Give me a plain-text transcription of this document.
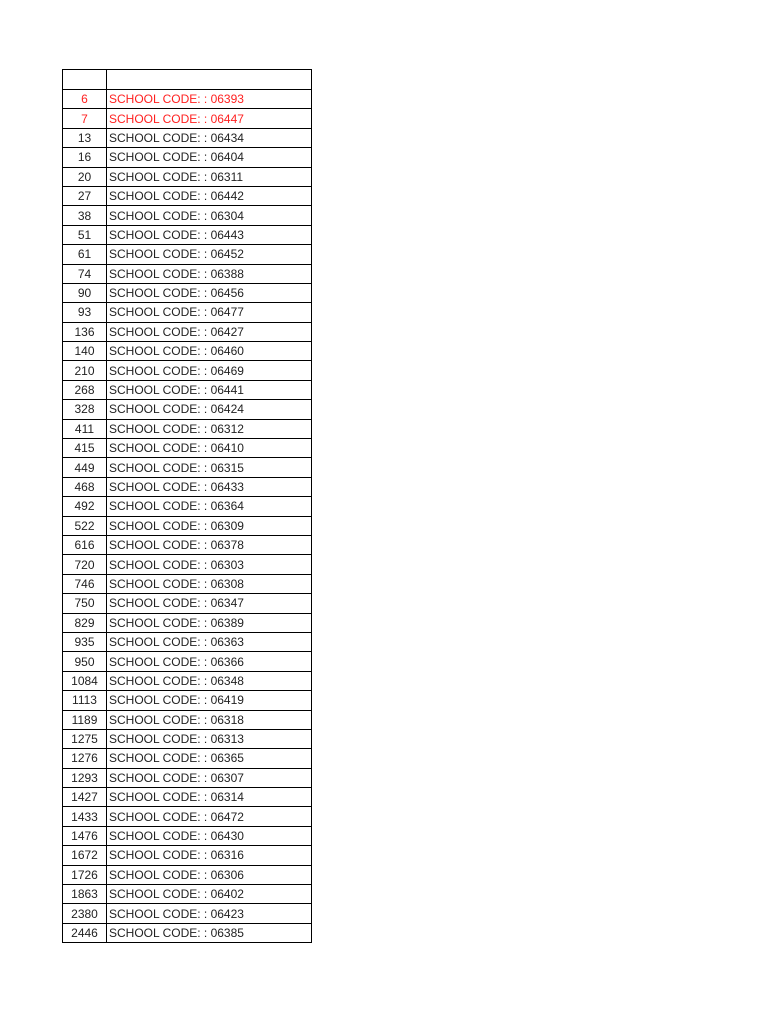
6	SCHOOL CODE: : 06393
7	SCHOOL CODE: : 06447
13	SCHOOL CODE: : 06434
16	SCHOOL CODE: : 06404
20	SCHOOL CODE: : 06311
27	SCHOOL CODE: : 06442
38	SCHOOL CODE: : 06304
51	SCHOOL CODE: : 06443
61	SCHOOL CODE: : 06452
74	SCHOOL CODE: : 06388
90	SCHOOL CODE: : 06456
93	SCHOOL CODE: : 06477
136	SCHOOL CODE: : 06427
140	SCHOOL CODE: : 06460
210	SCHOOL CODE: : 06469
268	SCHOOL CODE: : 06441
328	SCHOOL CODE: : 06424
411	SCHOOL CODE: : 06312
415	SCHOOL CODE: : 06410
449	SCHOOL CODE: : 06315
468	SCHOOL CODE: : 06433
492	SCHOOL CODE: : 06364
522	SCHOOL CODE: : 06309
616	SCHOOL CODE: : 06378
720	SCHOOL CODE: : 06303
746	SCHOOL CODE: : 06308
750	SCHOOL CODE: : 06347
829	SCHOOL CODE: : 06389
935	SCHOOL CODE: : 06363
950	SCHOOL CODE: : 06366
1084	SCHOOL CODE: : 06348
1113	SCHOOL CODE: : 06419
1189	SCHOOL CODE: : 06318
1275	SCHOOL CODE: : 06313
1276	SCHOOL CODE: : 06365
1293	SCHOOL CODE: : 06307
1427	SCHOOL CODE: : 06314
1433	SCHOOL CODE: : 06472
1476	SCHOOL CODE: : 06430
1672	SCHOOL CODE: : 06316
1726	SCHOOL CODE: : 06306
1863	SCHOOL CODE: : 06402
2380	SCHOOL CODE: : 06423
2446	SCHOOL CODE: : 06385
